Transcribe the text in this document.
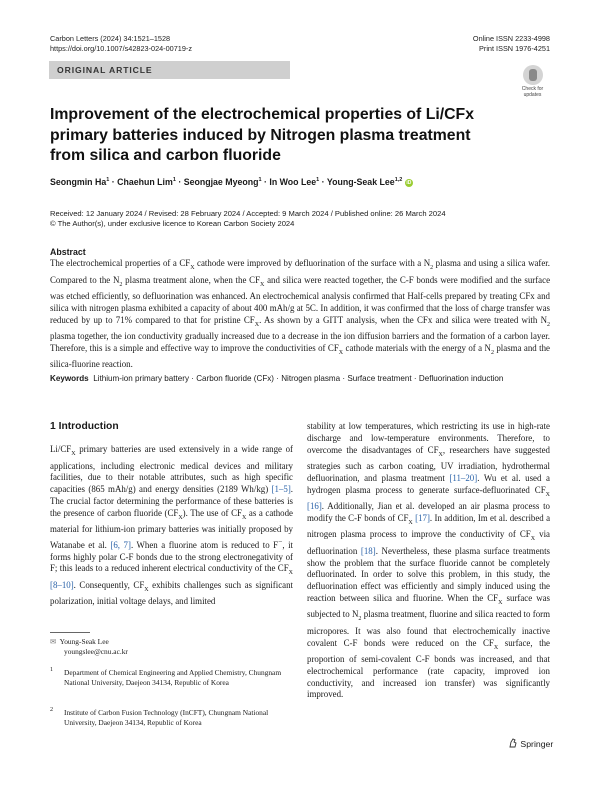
Carbon Letters (2024) 34:1521–1528
https://doi.org/10.1007/s42823-024-00719-z
Online ISSN 2233-4998
Print ISSN 1976-4251
ORIGINAL ARTICLE
Check for
updates
Improvement of the electrochemical properties of Li/CFx primary batteries induced by Nitrogen plasma treatment from silica and carbon fluoride
Seongmin $Ha^1$ · Chaehun Lim$^1$ · Seongjae Myeong$^1$ · In Woo Lee$^1$ · Young-Seak Lee$^{1,2}$ iD
Received: 12 January 2024 / Revised: 28 February 2024 / Accepted: 9 March 2024 / Published online: 26 March 2024
© The Author(s), under exclusive licence to Korean Carbon Society 2024
Abstract
The electrochemical properties of a $CF_X$ cathode were improved by defluorination of the surface with a $N_2$ plasma and using a silica wafer. Compared to the $N_2$ plasma treatment alone, when the $CF_X$ and silica were reacted together, the C-F bonds were modified and the surface was etched efficiently, so defluorination was enhanced. An electrochemical analysis confirmed that Half-cells prepared by treating CFx and silica with nitrogen plasma exhibited a capacity of about 400 mAh/g at 5C. In addition, it was confirmed that the loss of charge transfer was reduced by up to 71% compared to that for pristine $CF_X$. As shown by a GITT analysis, when the CFx and silica were treated with $N_2$ plasma together, the ion conductivity gradually increased due to a decrease in the ion diffusion barriers and the formation of a carbon layer. Therefore, this is a simple and effective way to improve the conductivities of $CF_X$ cathode materials with the energy of a $N_2$ plasma and the silica-fluorine reaction.
Keywords Lithium-ion primary battery · Carbon fluoride (CFx) · Nitrogen plasma · Surface treatment · Defluorination induction
1 Introduction
$Li/CF_X$ primary batteries are used extensively in a wide range of applications, including electronic medical devices and military facilities, due to their notable attributes, such as high specific capacities (865 mAh/g) and energy densities (2189 Wh/kg) [1–5]. The crucial factor determining the performance of these batteries is the presence of carbon fluoride $(CF_X)$. The use of $CF_X$ as a cathode material for lithium-ion primary batteries was initially proposed by Watanabe et al. [6, 7]. When a fluorine atom is reduced to F−, it forms highly polar C-F bonds due to the strong electronegativity of F; this leads to a reduced inherent electrical conductivity of the $CF_X$ [8–10]. Consequently, $CF_X$ exhibits challenges such as significant polarization, initial voltage delays, and limited
stability at low temperatures, which restricting its use in high-rate discharge and low-temperature environments. Therefore, to overcome the disadvantages of $CF_X$, researchers have suggested strategies such as carbon coating, UV irradiation, hydrothermal defluorination, and plasma treatment [11–20]. Wu et al. used a hydrogen plasma process to generate surface-defluorinated $CF_X$ [16]. Additionally, Jian et al. developed an air plasma process to modify the C-F bonds of $CF_X$ [17]. In addition, Im et al. described a nitrogen plasma process to improve the conductivity of $CF_X$ via defluorination [18]. Nevertheless, these plasma surface treatments show the problem that the surface fluoride cannot be completely defluorinated. In order to solve this problem, in this study, the defluorination effect was efficiently and simply induced using the reaction between silica and fluorine. When the $CF_X$ surface was subjected to $N_2$ plasma treatment, fluorine and silica reacted to form micropores. It was also found that electrochemically inactive covalent C-F bonds were reduced on the $CF_X$ surface, the proportion of semi-covalent C-F bonds was increased, and that electrochemical performance (rate capacity, improved ion conductivity, and increased ion transfer) was significantly improved.
✉ Young-Seak Lee
youngslee@cnu.ac.kr
1	Department of Chemical Engineering and Applied Chemistry, Chungnam National University, Daejeon 34134, Republic of Korea
2	Institute of Carbon Fusion Technology (InCFT), Chungnam National University, Daejeon 34134, Republic of Korea
Springer
